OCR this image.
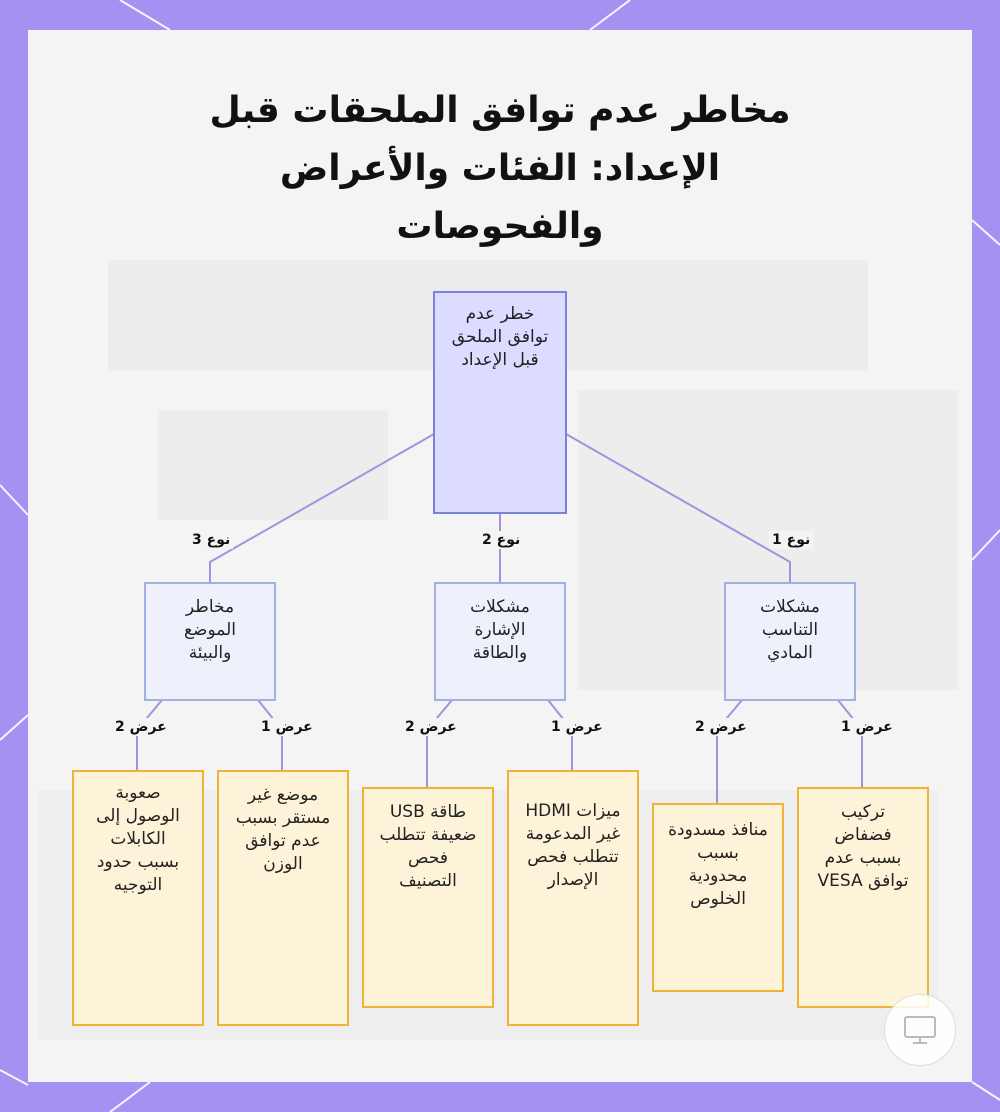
مخاطر عدم توافق الملحقات قبل الإعداد: الفئات والأعراض والفحوصات
خطر عدم توافق الملحق قبل الإعداد
مشكلات التناسب المادي
مشكلات الإشارة والطاقة
مخاطر الموضع والبيئة
تركيب فضفاض بسبب عدم توافق VESA
منافذ مسدودة بسبب محدودية الخلوص
ميزات HDMI غير المدعومة تتطلب فحص الإصدار
طاقة USB ضعيفة تتطلب فحص التصنيف
موضع غير مستقر بسبب عدم توافق الوزن
صعوبة الوصول إلى الكابلات بسبب حدود التوجيه
نوع 1
نوع 2
نوع 3
عرض 1
عرض 2
عرض 1
عرض 2
عرض 1
عرض 2
